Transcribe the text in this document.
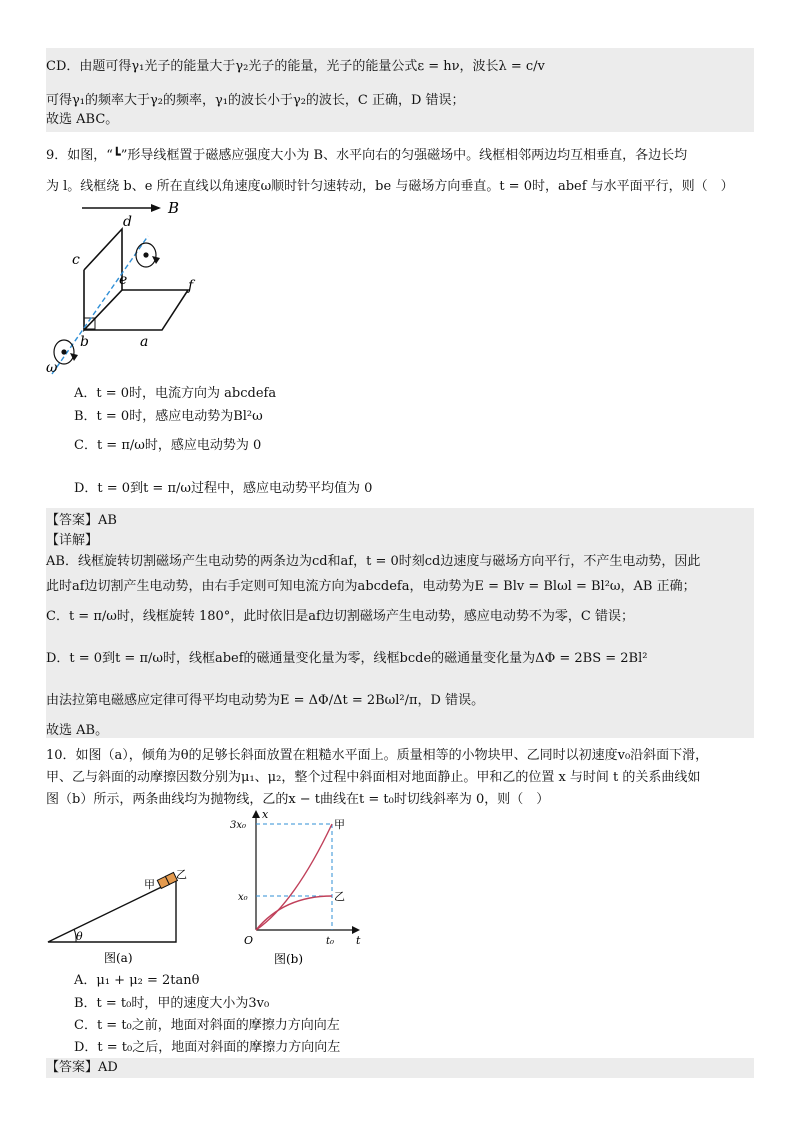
CD．由题可得γ₁光子的能量大于γ₂光子的能量，光子的能量公式ε = hν，波长λ = c/v
可得γ₁的频率大于γ₂的频率，γ₁的波长小于γ₂的波长，C 正确，D 错误；
故选 ABC。
9．如图，“┗”形导线框置于磁感应强度大小为 B、水平向右的匀强磁场中。线框相邻两边均互相垂直，各边长均
为 l。线框绕 b、e 所在直线以角速度ω顺时针匀速转动，be 与磁场方向垂直。t = 0时，abef 与水平面平行，则（　）
B
d
c
e	f
b	a
ω
A．t = 0时，电流方向为 abcdefa
B．t = 0时，感应电动势为Bl²ω
C．t = π/ω时，感应电动势为 0
D．t = 0到t = π/ω过程中，感应电动势平均值为 0
【答案】AB
【详解】
AB．线框旋转切割磁场产生电动势的两条边为cd和af，t = 0时刻cd边速度与磁场方向平行，不产生电动势，因此
此时af边切割产生电动势，由右手定则可知电流方向为abcdefa，电动势为E = Blv = Blωl = Bl²ω，AB 正确；
C．t = π/ω时，线框旋转 180°，此时依旧是af边切割磁场产生电动势，感应电动势不为零，C 错误；
D．t = 0到t = π/ω时，线框abef的磁通量变化量为零，线框bcde的磁通量变化量为ΔΦ = 2BS = 2Bl²
由法拉第电磁感应定律可得平均电动势为E = ΔΦ/Δt = 2Bωl²/π，D 错误。
故选 AB。
10．如图（a），倾角为θ的足够长斜面放置在粗糙水平面上。质量相等的小物块甲、乙同时以初速度v₀沿斜面下滑，
甲、乙与斜面的动摩擦因数分别为μ₁、μ₂，整个过程中斜面相对地面静止。甲和乙的位置 x 与时间 t 的关系曲线如
图（b）所示，两条曲线均为抛物线，乙的x − t曲线在t = t₀时切线斜率为 0，则（　）
甲
乙
θ
图(a)
x
t
O
3x₀
x₀
t₀
甲
乙
图(b)
A．μ₁ + μ₂ = 2tanθ
B．t = t₀时，甲的速度大小为3v₀
C．t = t₀之前，地面对斜面的摩擦力方向向左
D．t = t₀之后，地面对斜面的摩擦力方向向左
【答案】AD
